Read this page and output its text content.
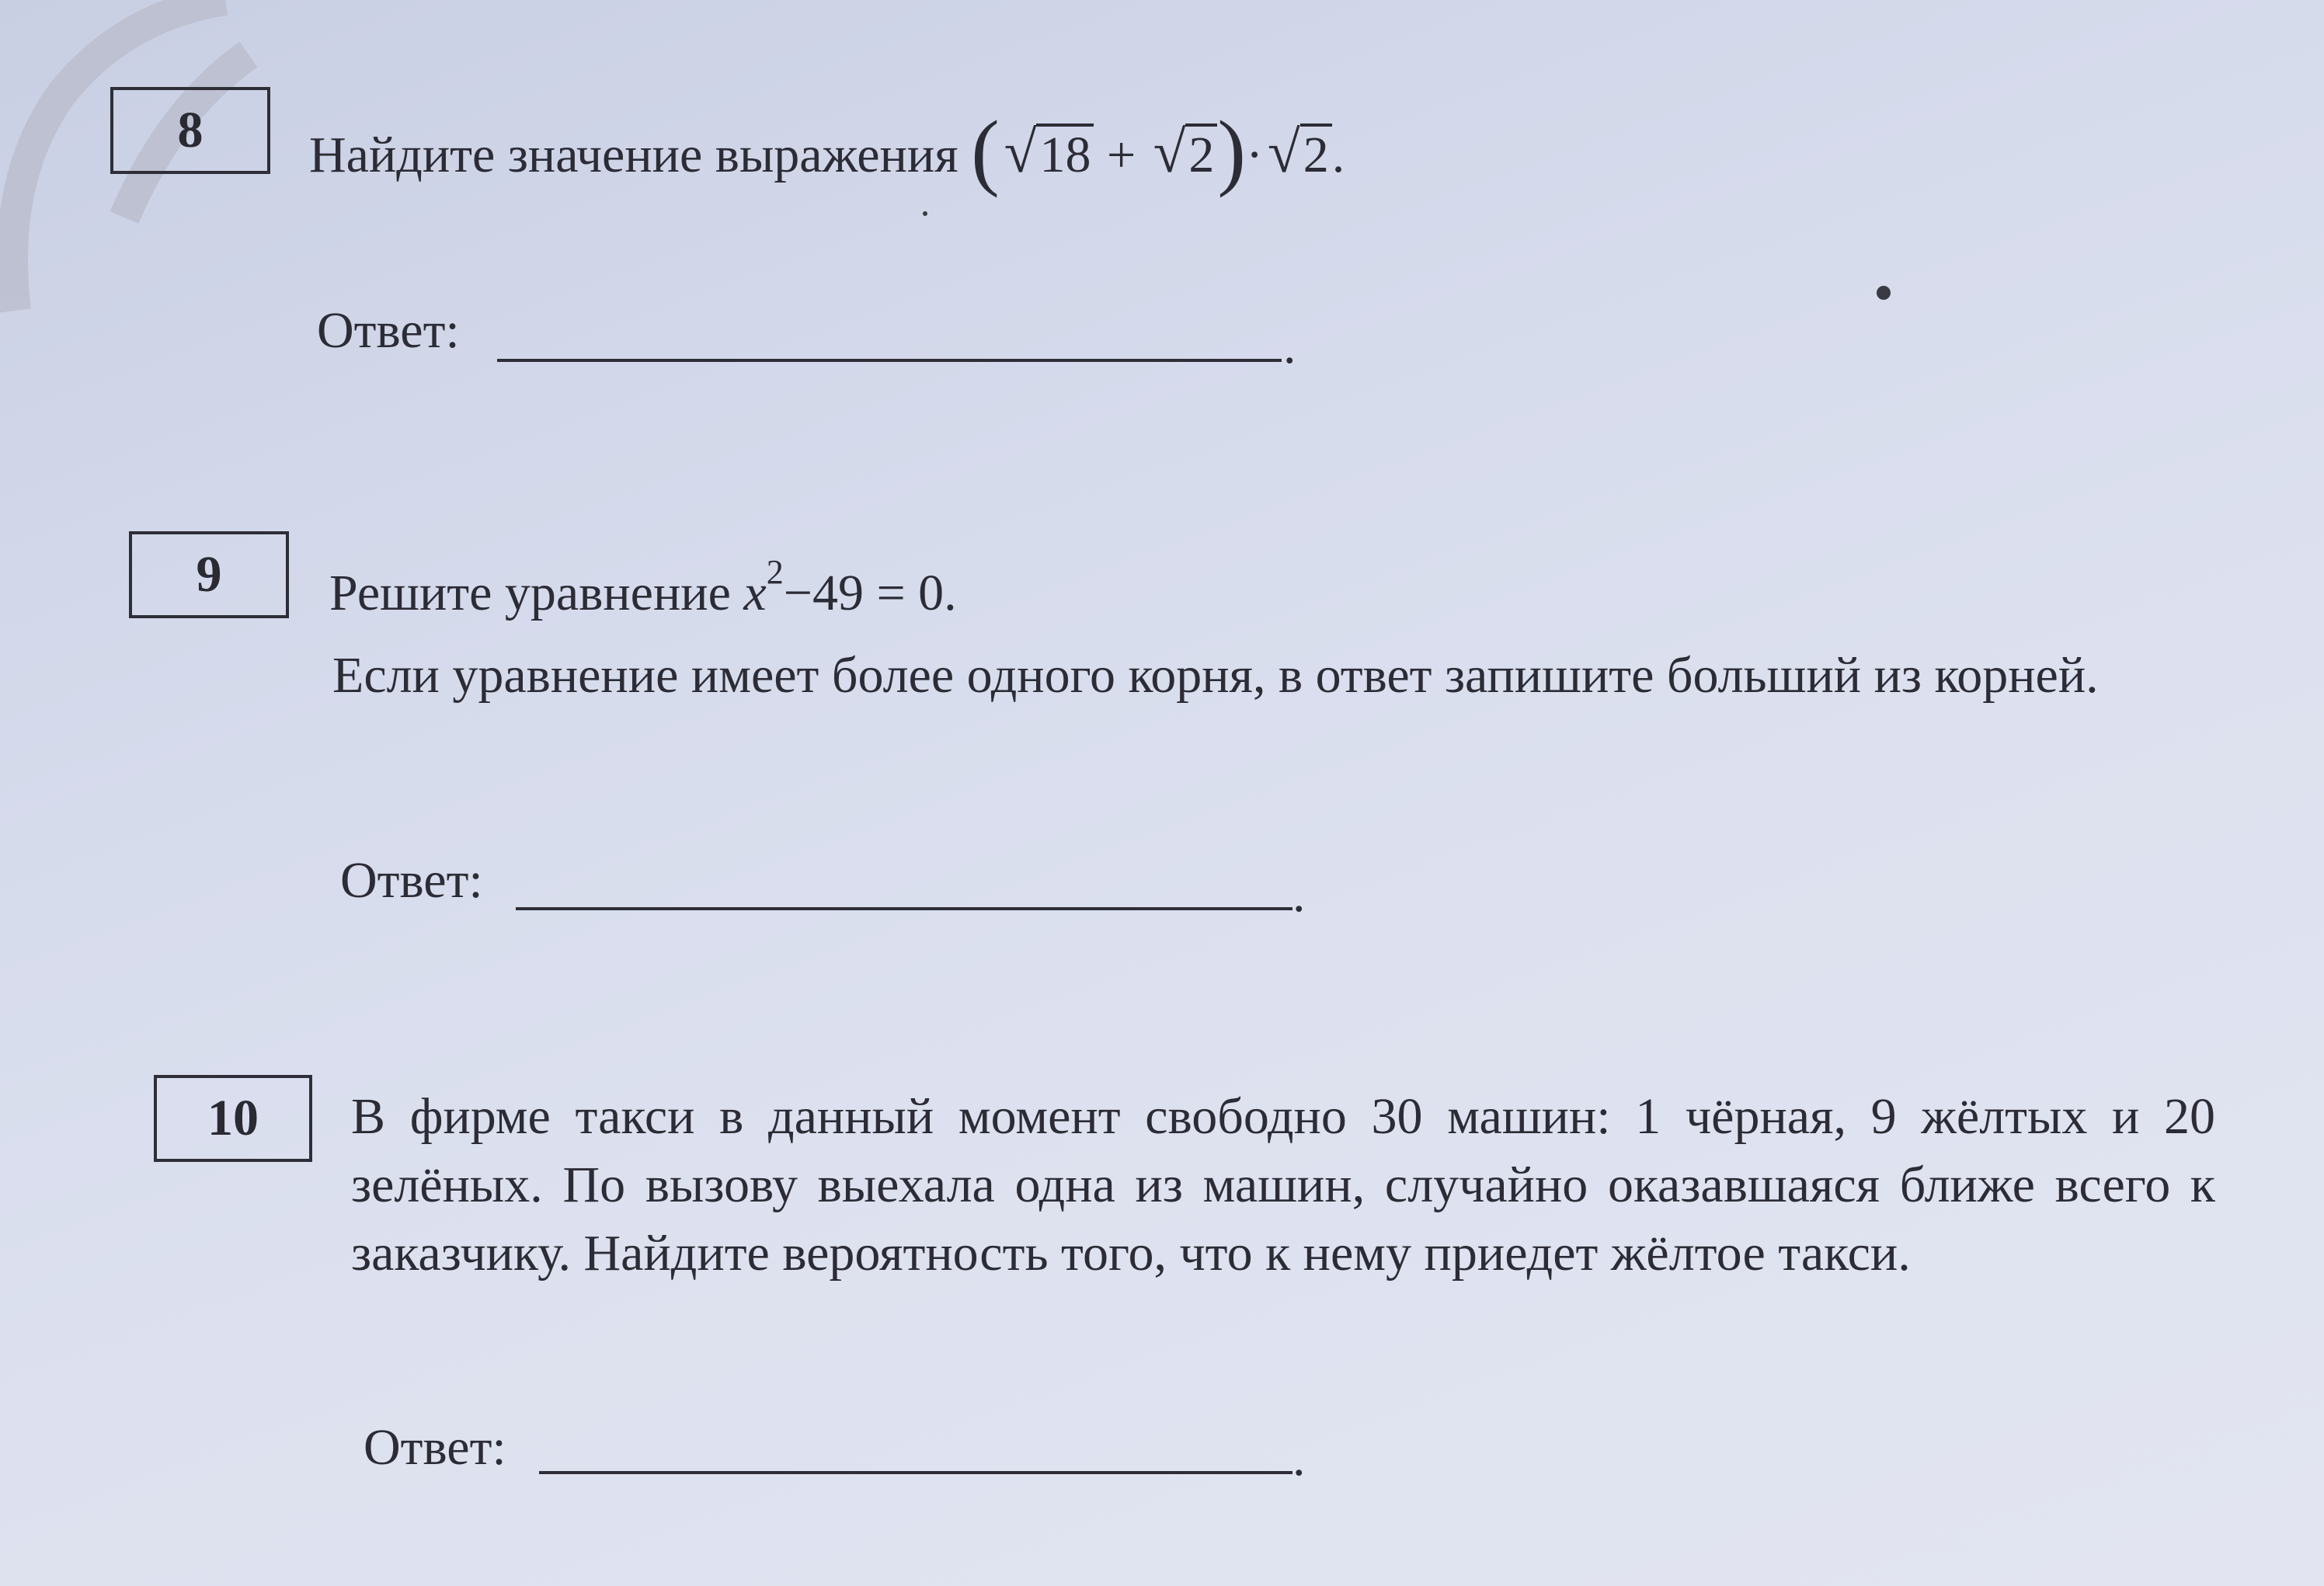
8	Найдите значение выражения (√18 + √2)·√2.
Ответ:	.
9	Решите уравнение $x^2-49 = 0$.
Если уравнение имеет более одного корня, в ответ запишите больший из корней.
Ответ:	.
10	В фирме такси в данный момент свободно 30 машин: 1 чёрная, 9 жёлтых и 20 зелёных. По вызову выехала одна из машин, случайно оказавшаяся ближе всего к заказчику. Найдите вероятность того, что к нему приедет жёлтое такси.
Ответ:	.
